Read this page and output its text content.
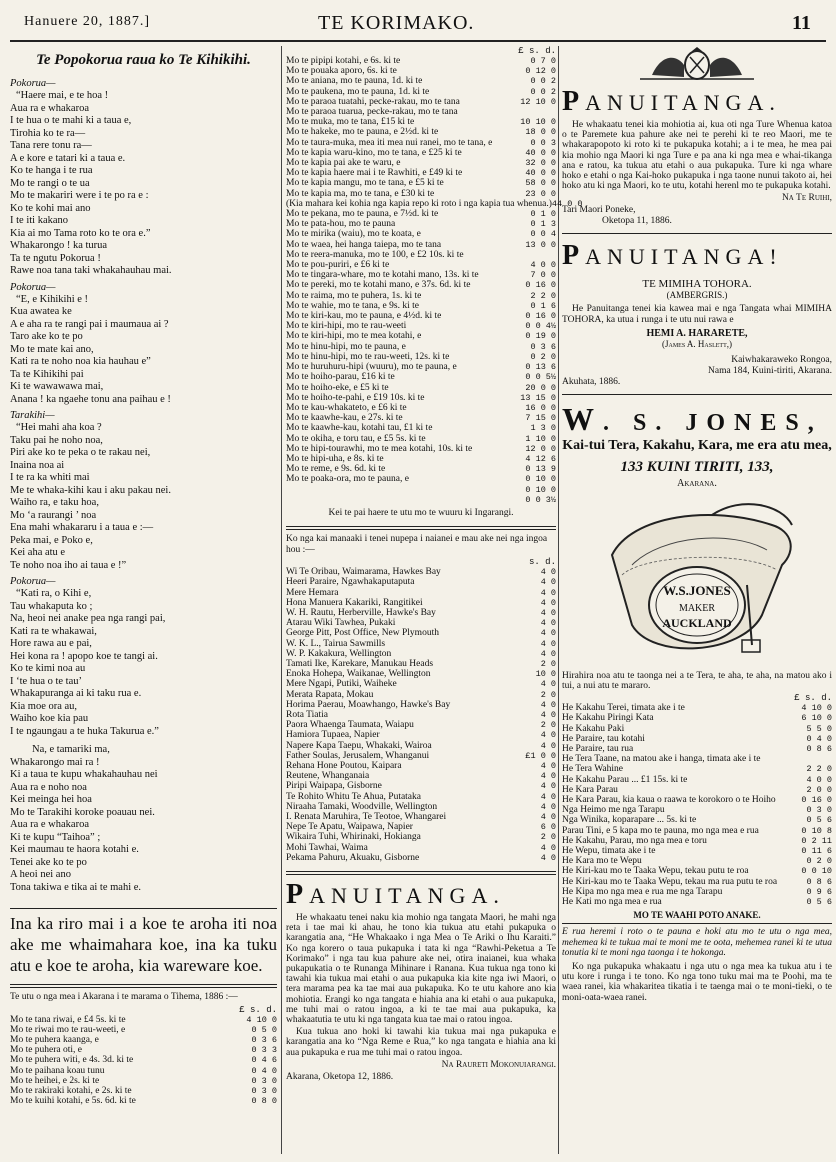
Hanuere 20, 1887.]	TE KORIMAKO.	11
Te Popokorua raua ko Te Kihikihi.
Pokorua—
“Haere mai, e te hoa !
Aua ra e whakaroa
I te hua o te mahi ki a taua e,
Tirohia ko te ra—
Tana rere tonu ra—
A e kore e tatari ki a taua e.
Ko te hanga i te rua
Mo te rangi o te ua
Mo te makariri were i te po ra e :
Ko te kohi mai ano
I te iti kakano
Kia ai mo Tama roto ko te ora e.”
Whakarongo ! ka turua
Ta te ngutu Pokorua !
Rawe noa tana taki whakahauhau mai.
Pokorua—
“E, e Kihikihi e !
Kua awatea ke
A e aha ra te rangi pai i maumaua ai ?
Taro ake ko te po
Mo te mate kai ano,
Kati ra te noho noa kia hauhau e”
Ta te Kihikihi pai
Ki te wawawawa mai,
Anana ! ka ngaehe tonu ana paihau e !
Tarakihi—
“Hei mahi aha koa ?
Taku pai he noho noa,
Piri ake ko te peka o te rakau nei,
Inaina noa ai
I te ra ka whiti mai
Me te whaka-kihi kau i aku pakau nei.
Waiho ra, e taku hoa,
Mo ‘a raurangi ’ noa
Ena mahi whakararu i a taua e :—
Peka mai, e Poko e,
Kei aha atu e
Te noho noa iho ai taua e !”
Pokorua—
“Kati ra, o Kihi e,
Tau whakaputa ko ;
Na, heoi nei anake pea nga rangi pai,
Kati ra te whakawai,
Hore rawa au e pai,
Hei kona ra ! apopo koe te tangi ai.
Ko te kimi noa au
I ‘te hua o te tau’
Whakapuranga ai ki taku rua e.
Kia moe ora au,
Waiho koe kia pau
I te ngaungau a te huka Takurua e.”
Na, e tamariki ma,
Whakarongo mai ra !
Ki a taua te kupu whakahauhau nei
Aua ra e noho noa
Kei meinga hei hoa
Mo te Tarakihi koroke poauau nei.
Aua ra e whakaroa
Ki te kupu “Taihoa” ;
Kei maumau te haora kotahi e.
Tenei ake ko te po
A heoi nei ano
Tona takiwa e tika ai te mahi e.
Ina ka riro mai i a koe te aroha iti noa ake me whaimahara koe, ina ka tuku atu e koe te aroha, kia wareware koe.
Te utu o nga mea i Akarana i te marama o Tihema, 1886 :—
£ s. d.
Mo te tana riwai, e £4 5s. ki te	4 10 0
Mo te riwai mo te rau-weeti, e	0 5 0
Mo te puhera kaanga, e	0 3 6
Mo te puhera oti, e	0 3 3
Mo te puhera witi, e 4s. 3d. ki te	0 4 6
Mo te paihana koau tunu	0 4 0
Mo te heihei, e 2s. ki te	0 3 0
Mo te rakiraki kotahi, e 2s. ki te	0 3 0
Mo te kuihi kotahi, e 5s. 6d. ki te	0 8 0
£ s. d.
Mo te pipipi kotahi, e 6s. ki te	0 7 0
Mo te pouaka aporo, 6s. ki te	0 12 0
Mo te aniana, mo te pauna, 1d. ki te	0 0 2
Mo te paukena, mo te pauna, 1d. ki te	0 0 2
Mo te paraoa tuatahi, pecke-rakau, mo te tana	12 10 0
Mo te paraoa tuarua, pecke-rakau, mo te tana
Mo te muka, mo te tana, £15 ki te	10 10 0
Mo te hakeke, mo te pauna, e 2½d. ki te	18 0 0
Mo te taura-muka, mea iti mea nui ranei, mo te tana, e	0 0 3
Mo te kapia waru-kino, mo te tana, e £25 ki te	40 0 0
Mo te kapia pai ake te waru, e	32 0 0
Mo te kapia haere mai i te Rawhiti, e £49 ki te	40 0 0
Mo te kapia mangu, mo te tana, e £5 ki te	58 0 0
Mo te kapia ma, mo te tana, e £30 ki te	23 0 0
(Kia mahara kei kohia nga kapia repo ki roto i nga kapia tua whenua.) 44 0 0
Mo te pekana, mo te pauna, e 7½d. ki te	0 1 0
Mo te pata-hou, mo te pauna	0 1 3
Mo te mirika (waiu), mo te koata, e	0 0 4
Mo te waea, hei hanga taiepa, mo te tana	13 0 0
Mo te reera-manuka, mo te 100, e £2 10s. ki te
Mo te pou-puriri, e £6 ki te	4 0 0
Mo te tingara-whare, mo te kotahi mano, 13s. ki te	7 0 0
Mo te pereki, mo te kotahi mano, e 37s. 6d. ki te	0 16 0
Mo te raima, mo te puhera, 1s. ki te	2 2 0
Mo te wahie, mo te tana, e 9s. ki te	0 1 6
Mo te kiri-kau, mo te pauna, e 4½d. ki te	0 16 0
Mo te kiri-hipi, mo te rau-weeti	0 0 4½
Mo te kiri-hipi, mo te mea kotahi, e	0 19 0
Mo te hinu-hipi, mo te pauna, e	0 3 6
Mo te hinu-hipi, mo te rau-weeti, 12s. ki te	0 2 0
Mo te huruhuru-hipi (wuuru), mo te pauna, e	0 13 6
Mo te hoiho-parau, £16 ki te	0 0 5½
Mo te hoiho-eke, e £5 ki te	20 0 0
Mo te hoiho-te-pahi, e £19 10s. ki te	13 15 0
Mo te kau-whakateto, e £6 ki te	16 0 0
Mo te kaawhe-kau, e 27s. ki te	7 15 0
Mo te kaawhe-kau, kotahi tau, £1 ki te	1 3 0
Mo te okiha, e toru tau, e £5 5s. ki te	1 10 0
Mo te hipi-tourawhi, mo te mea kotahi, 10s. ki te	12 0 0
Mo te hipi-uha, e 8s. ki te	4 12 6
Mo te reme, e 9s. 6d. ki te	0 13 9
Mo te poaka-ora, mo te pauna, e	0 10 0
0 10 0
0 0 3½
Kei te pai haere te utu mo te wuuru ki Ingarangi.
Ko nga kai manaaki i tenei nupepa i naianei e mau ake nei nga ingoa hou :—
s. d.
Wi Te Oribau, Waimarama, Hawkes Bay	4 0
Heeri Paraire, Ngawhakaputaputa	4 0
Mere Hemara	4 0
Hona Manuera Kakariki, Rangitikei	4 0
W. H. Rautu, Herberville, Hawke's Bay	4 0
Atarau Wiki Tawhea, Pukaki	4 0
George Pitt, Post Office, New Plymouth	4 0
W. K. L., Tairua Sawmills	4 0
W. P. Kakakura, Wellington	4 0
Tamati Ike, Karekare, Manukau Heads	2 0
Enoka Hohepa, Waikanae, Wellington	10 0
Mere Ngapi, Putiki, Waiheke	4 0
Merata Rapata, Mokau	2 0
Horima Paerau, Moawhango, Hawke's Bay	4 0
Rota Tiatia	4 0
Paora Whaenga Taumata, Waiapu	2 0
Hamiora Tupaea, Napier	4 0
Napere Kapa Taepu, Whakaki, Wairoa	4 0
Father Soulas, Jerusalem, Whanganui	£1 0 0
Rehana Hone Poutou, Kaipara	4 0
Reutene, Whanganaia	4 0
Piripi Waipapa, Gisborne	4 0
Te Rohito Whitu Te Ahua, Putataka	4 0
Niraaha Tamaki, Woodville, Wellington	4 0
I. Renata Maruhira, Te Teotoe, Whangarei	4 0
Nepe Te Apatu, Waipawa, Napier	6 0
Wikaira Tuhi, Whirinaki, Hokianga	2 0
Mohi Tawhai, Waima	4 0
Pekama Pahuru, Akuaku, Gisborne	4 0
PANUITANGA.
He whakaatu tenei naku kia mohio nga tangata Maori, he mahi nga reta i tae mai ki ahau, he tono kia tukua atu etahi pukapuka o karangatia ana, “He Whakaako i nga Mea o Te Ariki o Ihu Karaiti.” Ko nga korero o taua pukapuka i tata ki nga “Rawhi-Peketua a Te Korimako” i nga tau kua pahure ake nei, otira inaianei, kua whaka pukapukatia o te Runanga Mihinare i Ranana. Kua tukua nga tono ki tawahi kia tukua mai etahi o aua pukapuka kia kite nga iwi Maori, o tera marama pea ka tae mai aua pukapuka. Ko te utu kahore ano kia mohiotia. Erangi ko nga tangata e hiahia ana ki etahi o aua pukapuka, me tuhi mai o ratou ingoa, a ki te tae mai aua pukapuka, ka whakaatutia te utu ki nga tangata kua tae mai o ratou ingoa.
Kua tukua ano hoki ki tawahi kia tukua mai nga pukapuka e karangatia ana ko “Nga Reme e Rua,” ko nga tangata e hiahia ana ki aua pukapuka e rua me tuhi mai o ratou ingoa.
Na Raureti Mokonuiarangi.
Akarana, Oketopa 12, 1886.
PANUITANGA.
He whakaatu tenei kia mohiotia ai, kua oti nga Ture Whenua katoa o te Paremete kua pahure ake nei te perehi ki te reo Maori, me te whakarapopoto ki roto ki te pukapuka kotahi; a i te mea, he mea pai kia mohio nga Maori ki nga Ture e pa ana ki nga mea e whai-tikanga ana e ratou, ka tukua atu etahi o aua pukapuka. Ture ki nga whare hoko e etahi o nga Kai-hoko pukapuka i nga taone nunui takoto ai, hei hoko atu ki nga Maori, ko te utu, kotahi herenl mo te pukapuka kotahi.
Na Te Ruihi,
Tari Maori Poneke,
Oketopa 11, 1886.
PANUITANGA!
TE MIMIHA TOHORA.
(AMBERGRIS.)
He Panuitanga tenei kia kawea mai e nga Tangata whai MIMIHA TOHORA, ka utua i runga i te utu nui rawa e
HEMI A. HARARETE,
(James A. Haslett,)
Kaiwhakarawekо Rongoa,
Nama 184, Kuini-tiriti, Akarana.
Akuhata, 1886.
W. S. JONES,
Kai-tui Tera, Kakahu, Kara, me era atu mea,
133 KUINI TIRITI, 133,
Akarana.
W.S.JONES
MAKER
AUCKLAND
Hirahira noa atu te taonga nei a te Tera, te aha, te aha, na matou ako i tui, a nui atu te mararo.
£ s. d.
He Kakahu Terei, timata ake i te	4 10 0
He Kakahu Piringi Kata	6 10 0
He Kakahu Paki	5 5 0
He Paraire, tau kotahi	0 4 0
He Paraire, tau rua	0 8 6
He Tera Taane, na matou ake i hanga, timata ake i te
He Tera Wahine	2 2 0
He Kakahu Parau ... £1 15s. ki te	4 0 0
He Kara Parau	2 0 0
He Kara Parau, kia kaua o raawa te korokoro o te Hoiho	0 16 0
Nga Heimo me nga Tarapu	0 3 0
Nga Winika, koparapare ... 5s. ki te	0 5 6
Parau Tini, e 5 kapa mo te pauna, mo nga mea e rua	0 10 8
He Kakahu, Parau, mo nga mea e toru	0 2 11
He Wepu, timata ake i te	0 11 6
He Kara mo te Wepu	0 2 0
He Kiri-kau mo te Taaka Wepu, tekau putu te roa	0 0 10
He Kiri-kau mo te Taaka Wepu, tekau ma rua putu te roa	0 8 6
He Kipa mo nga mea e rua me nga Tarapu	0 9 6
He Kati mo nga mea e rua	0 5 6
MO TE WAAHI POTO ANAKE.
E rua heremi i roto o te pauna e hoki atu mo te utu o nga mea, mehemea ki te tukua mai te moni me te oota, mehemea ranei ki te utua tonutia ki te moni nga taonga i te hokonga.
Ko nga pukapuka whakaatu i nga utu o nga mea ka tukua atu i te utu kore i runga i te tono. Ko nga tono tuku mai ma te Poohi, ma te waea ranei, kia whakaritea tikatia i te taenga mai o te moni-tieki, o te moni-oata-waea ranei.
